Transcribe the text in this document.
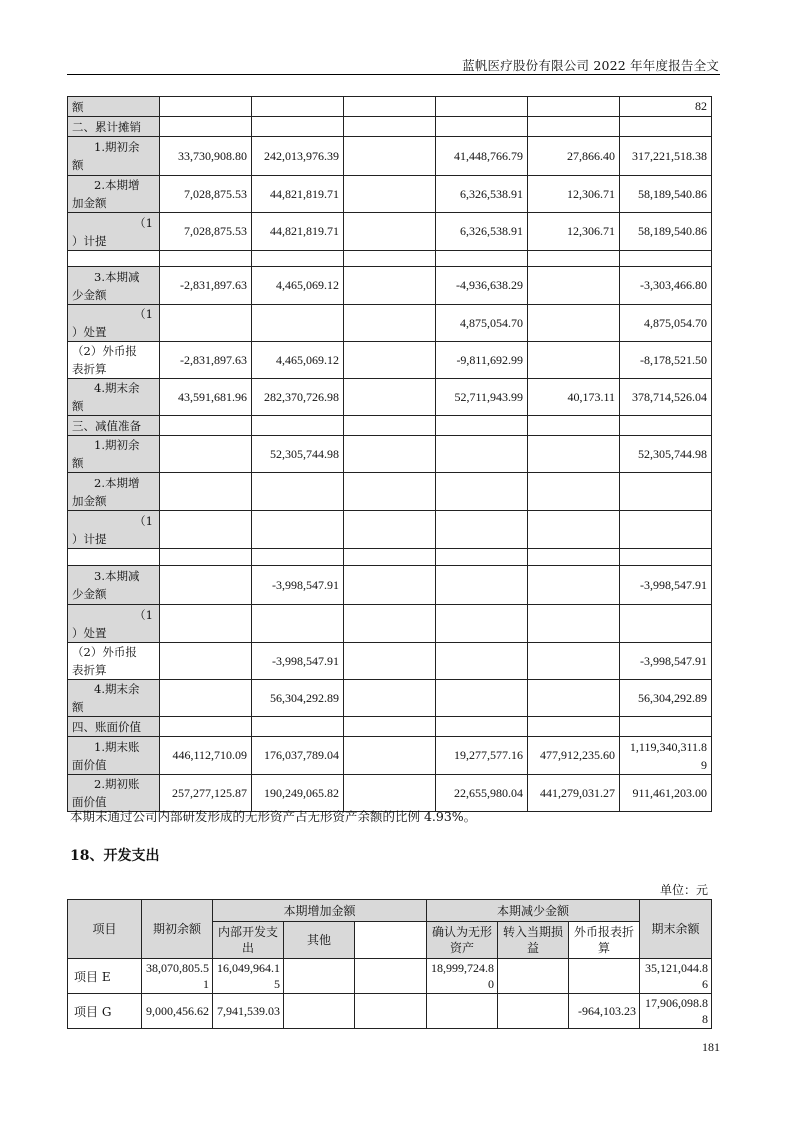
蓝帆医疗股份有限公司 2022 年年度报告全文
额						82
二、累计摊销						

1.期初余
额	33,730,908.80	242,013,976.39		41,448,766.79	27,866.40	317,221,518.38

2.本期增
加金额	7,028,875.53	44,821,819.71		6,326,538.91	12,306.71	58,189,540.86

（1
）计提	7,028,875.53	44,821,819.71		6,326,538.91	12,306.71	58,189,540.86

3.本期减
少金额	-2,831,897.63	4,465,069.12		-4,936,638.29		-3,303,466.80

（1
）处置				4,875,054.70		4,875,054.70

（2）外币报
表折算	-2,831,897.63	4,465,069.12		-9,811,692.99		-8,178,521.50

4.期末余
额	43,591,681.96	282,370,726.98		52,711,943.99	40,173.11	378,714,526.04
三、减值准备						

1.期初余
额		52,305,744.98				52,305,744.98

2.本期增
加金额						

（1
）计提						

3.本期减
少金额		-3,998,547.91				-3,998,547.91

（1
）处置						

（2）外币报
表折算		-3,998,547.91				-3,998,547.91

4.期末余
额		56,304,292.89				56,304,292.89
四、账面价值						

1.期末账
面价值	446,112,710.09	176,037,789.04		19,277,577.16	477,912,235.60	1,119,340,311.89

2.期初账
面价值	257,277,125.87	190,249,065.82		22,655,980.04	441,279,031.27	911,461,203.00
本期末通过公司内部研发形成的无形资产占无形资产余额的比例 4.93%。
18、开发支出
单位：元
项目	期初余额	本期增加金额			本期减少金额			期末余额
		内部开发支出	其他		确认为无形资产	转入当期损益	外币报表折算	
项目 E	38,070,805.51	16,049,964.15			18,999,724.80			35,121,044.86
项目 G	9,000,456.62	7,941,539.03					-964,103.23	17,906,098.88
181
